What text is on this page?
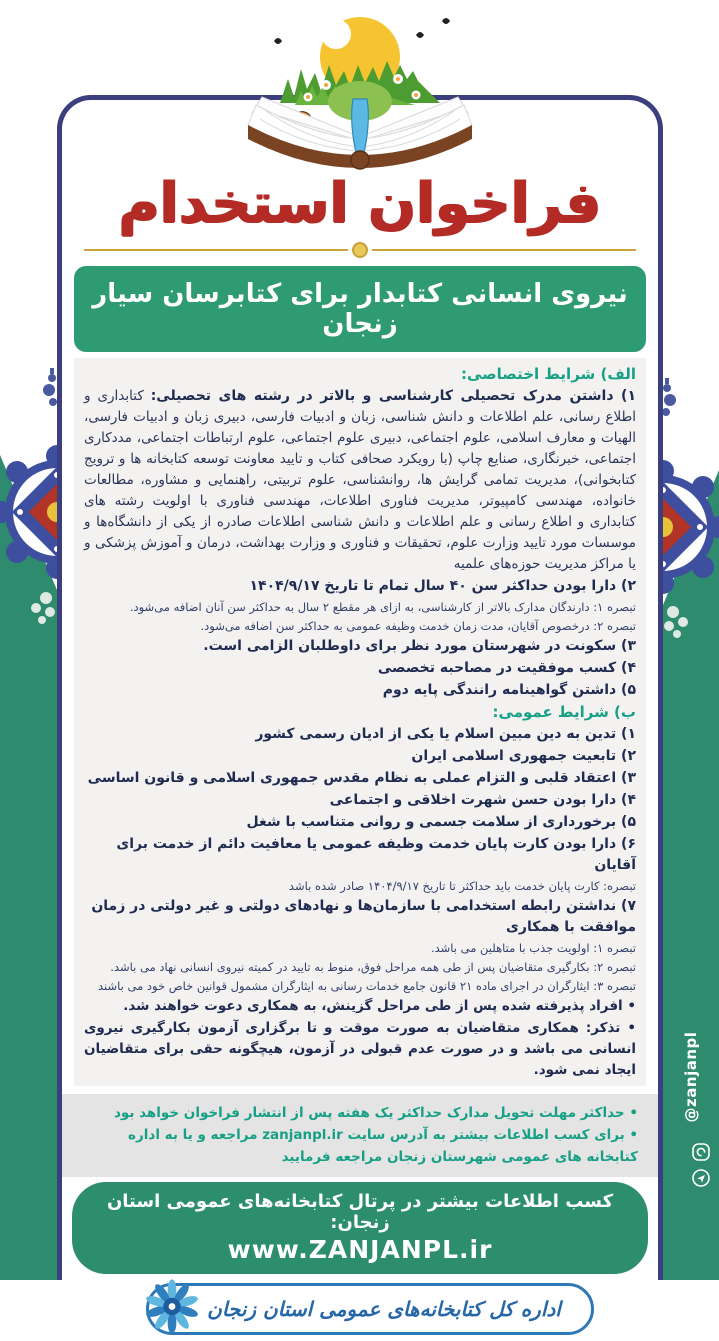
@zanjanpl
فراخوان استخدام
نیروی انسانی کتابدار برای کتابرسان سیار زنجان

الف) شرایط اختصاصی:

۱) داشتن مدرک تحصیلی کارشناسی و بالاتر در رشته های تحصیلی: کتابداری و اطلاع رسانی، علم اطلاعات و دانش شناسی، زبان و ادبیات فارسی، دبیری زبان و ادبیات فارسی، الهیات و معارف اسلامی، علوم اجتماعی، دبیری علوم اجتماعی، علوم ارتباطات اجتماعی، مددکاری اجتماعی، خبرنگاری، صنایع چاپ (با رویکرد صحافی کتاب و تایید معاونت توسعه کتابخانه ها و ترویج کتابخوانی)، مدیریت تمامی گرایش ها، روانشناسی، علوم تربیتی، راهنمایی و مشاوره، مطالعات خانواده، مهندسی کامپیوتر، مدیریت فناوری اطلاعات، مهندسی فناوری با اولویت رشته های کتابداری و اطلاع رسانی و علم اطلاعات و دانش شناسی اطلاعات صادره از یکی از دانشگاه‌ها و موسسات مورد تایید وزارت علوم، تحقیقات و فناوری و وزارت بهداشت، درمان و آموزش پزشکی و یا مراکز مدیریت حوزه‌های علمیه

۲) دارا بودن حداکثر سن ۴۰ سال تمام تا تاریخ ۱۴۰۴/۹/۱۷

تبصره ۱: دارندگان مدارک بالاتر از کارشناسی، به ازای هر مقطع ۲ سال به حداکثر سن آنان اضافه می‌شود.

تبصره ۲: درخصوص آقایان، مدت زمان خدمت وظیفه عمومی به حداکثر سن اضافه می‌شود.

۳) سکونت در شهرستان مورد نظر برای داوطلبان الزامی است.

۴) کسب موفقیت در مصاحبه تخصصی

۵) داشتن گواهینامه رانندگی پایه دوم

ب) شرایط عمومی:

۱) تدین به دین مبین اسلام یا یکی از ادیان رسمی کشور

۲) تابعیت جمهوری اسلامی ایران

۳) اعتقاد قلبی و التزام عملی به نظام مقدس جمهوری اسلامی و قانون اساسی

۴) دارا بودن حسن شهرت اخلاقی و اجتماعی

۵) برخورداری از سلامت جسمی و روانی متناسب با شغل

۶) دارا بودن کارت پایان خدمت وظیفه عمومی یا معافیت دائم از خدمت برای آقایان

تبصره: کارت پایان خدمت باید حداکثر تا تاریخ ۱۴۰۴/۹/۱۷ صادر شده باشد

۷) نداشتن رابطه استخدامی با سازمان‌ها و نهادهای دولتی و غیر دولتی در زمان موافقت با همکاری

تبصره ۱: اولویت جذب با متاهلین می باشد.

تبصره ۲: بکارگیری متقاضیان پس از طی همه مراحل فوق، منوط به تایید در کمیته نیروی انسانی نهاد می باشد.

تبصره ۳: ایثارگران در اجرای ماده ۲۱ قانون جامع خدمات رسانی به ایثارگران مشمول قوانین خاص خود می باشند

• افراد پذیرفته شده پس از طی مراحل گزینش، به همکاری دعوت خواهند شد.

• تذکر: همکاری متقاضیان به صورت موقت و تا برگزاری آزمون بکارگیری نیروی انسانی می باشد و در صورت عدم قبولی در آزمون، هیچگونه حقی برای متقاضیان ایجاد نمی شود.

• حداکثر مهلت تحویل مدارک حداکثر یک هفته پس از انتشار فراخوان خواهد بود

• برای کسب اطلاعات بیشتر به آدرس سایت zanjanpl.ir مراجعه و یا به اداره کتابخانه های عمومی شهرستان زنجان مراجعه فرمایید

کسب اطلاعات بیشتر در پرتال کتابخانه‌های عمومی استان زنجان:

www.ZANJANPL.ir

اداره کل کتابخانه‌های عمومی استان زنجان
